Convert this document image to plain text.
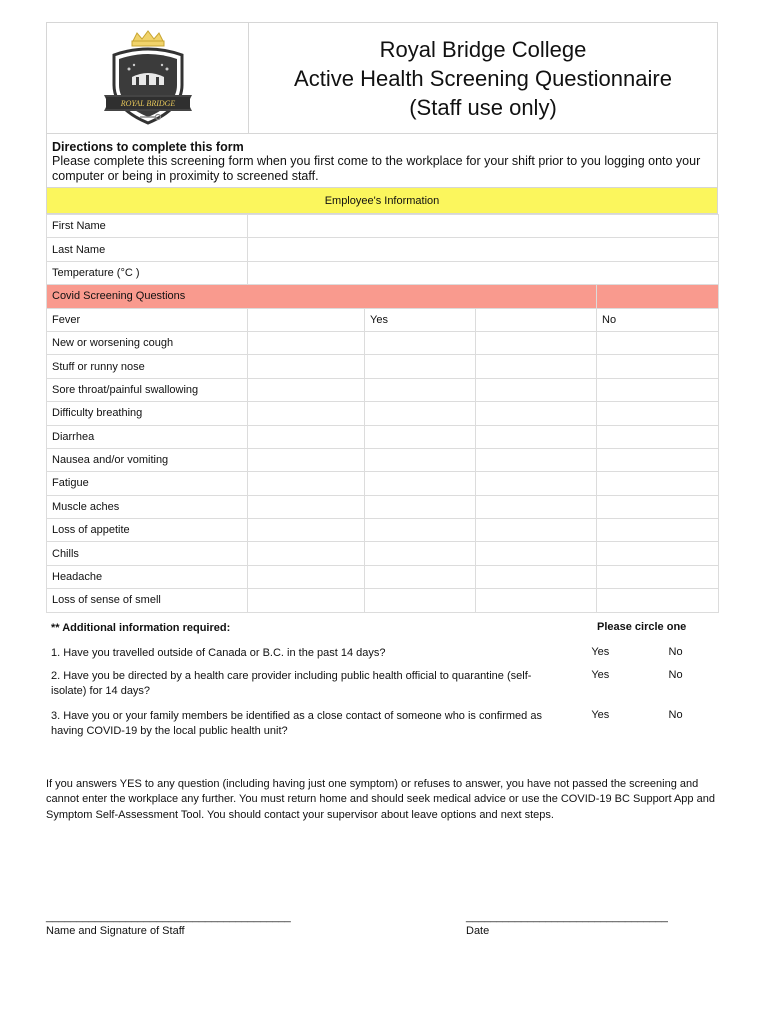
ROYAL BRIDGE
Royal Bridge College
Active Health Screening Questionnaire
(Staff use only)
Directions to complete this form
Please complete this screening form when you first come to the workplace for your shift prior to you logging onto your computer or being in proximity to screened staff.
Employee's Information
First Name				
Last Name				
Temperature (°C )				
Covid Screening Questions				
Fever		Yes		No
New or worsening cough				
Stuff or runny nose				
Sore throat/painful swallowing				
Difficulty breathing				
Diarrhea				
Nausea and/or vomiting				
Fatigue				
Muscle aches				
Loss of appetite				
Chills				
Headache				
Loss of sense of smell				
** Additional information required:	Please circle one
1. Have you travelled outside of Canada or B.C. in the past 14 days?	Yes	No
2. Have you be directed by a health care provider including public health official to quarantine (self-isolate) for 14 days?
Yes	No
3. Have you or your family members be identified as a close contact of someone who is confirmed as having COVID-19 by the local public health unit?
Yes	No
If you answers YES to any question (including having just one symptom) or refuses to answer, you have not passed the screening and cannot enter the workplace any further. You must return home and should seek medical advice or use the COVID-19 BC Support App and Symptom Self-Assessment Tool. You should contact your supervisor about leave options and next steps.
________________________________________
Name and Signature of Staff
_________________________________
Date
